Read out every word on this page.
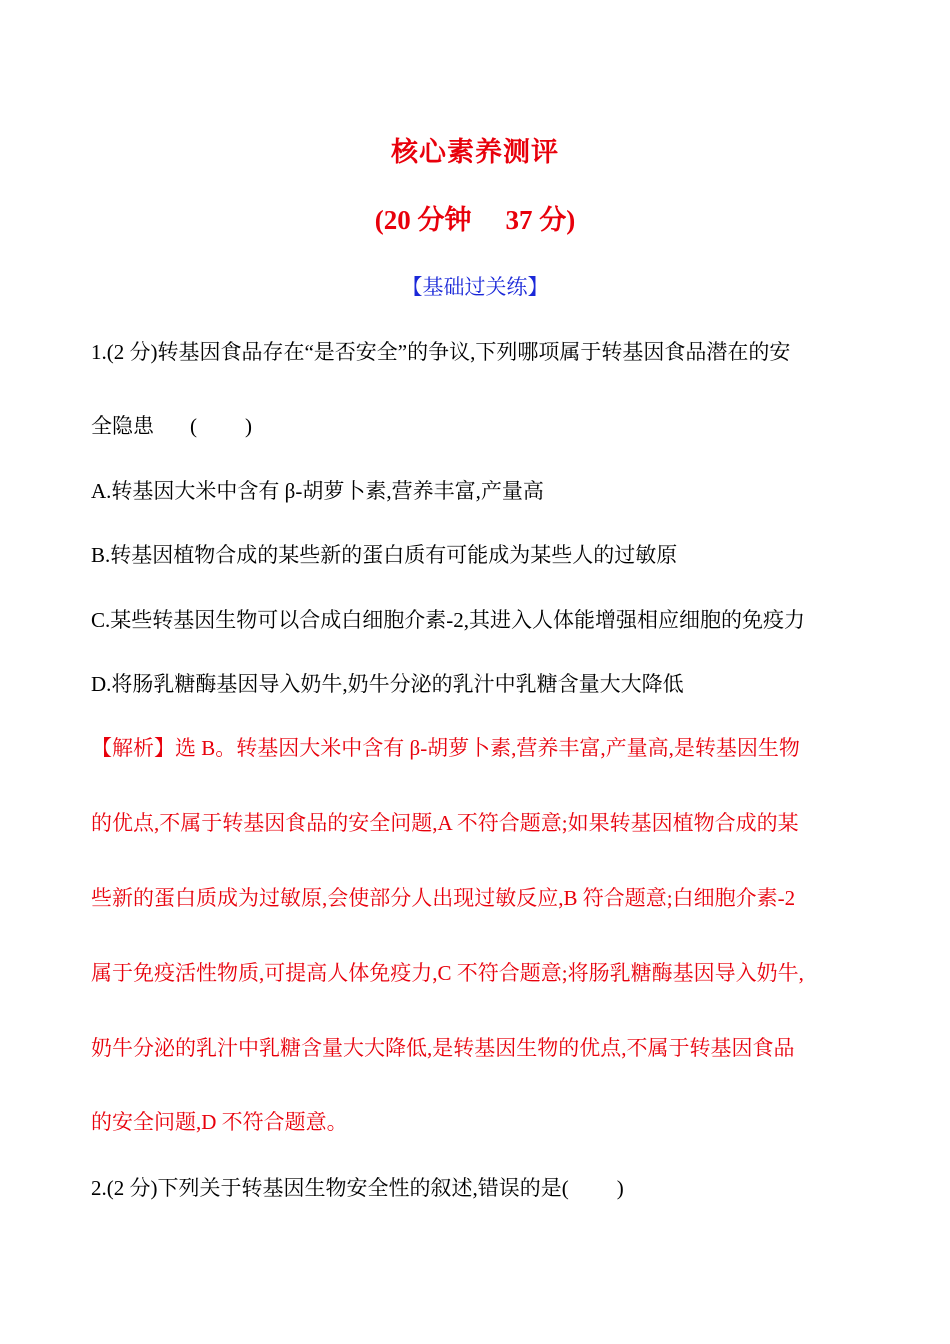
核心素养测评
(20 分钟 37 分)
【基础过关练】
1.(2 分)转基因食品存在“是否安全”的争议,下列哪项属于转基因食品潜在的安
全隐患 ( )
A.转基因大米中含有 β-胡萝卜素,营养丰富,产量高
B.转基因植物合成的某些新的蛋白质有可能成为某些人的过敏原
C.某些转基因生物可以合成白细胞介素-2,其进入人体能增强相应细胞的免疫力
D.将肠乳糖酶基因导入奶牛,奶牛分泌的乳汁中乳糖含量大大降低
【解析】选 B。转基因大米中含有 β-胡萝卜素,营养丰富,产量高,是转基因生物
的优点,不属于转基因食品的安全问题,A 不符合题意;如果转基因植物合成的某
些新的蛋白质成为过敏原,会使部分人出现过敏反应,B 符合题意;白细胞介素-2
属于免疫活性物质,可提高人体免疫力,C 不符合题意;将肠乳糖酶基因导入奶牛,
奶牛分泌的乳汁中乳糖含量大大降低,是转基因生物的优点,不属于转基因食品
的安全问题,D 不符合题意。
2.(2 分)下列关于转基因生物安全性的叙述,错误的是( )
